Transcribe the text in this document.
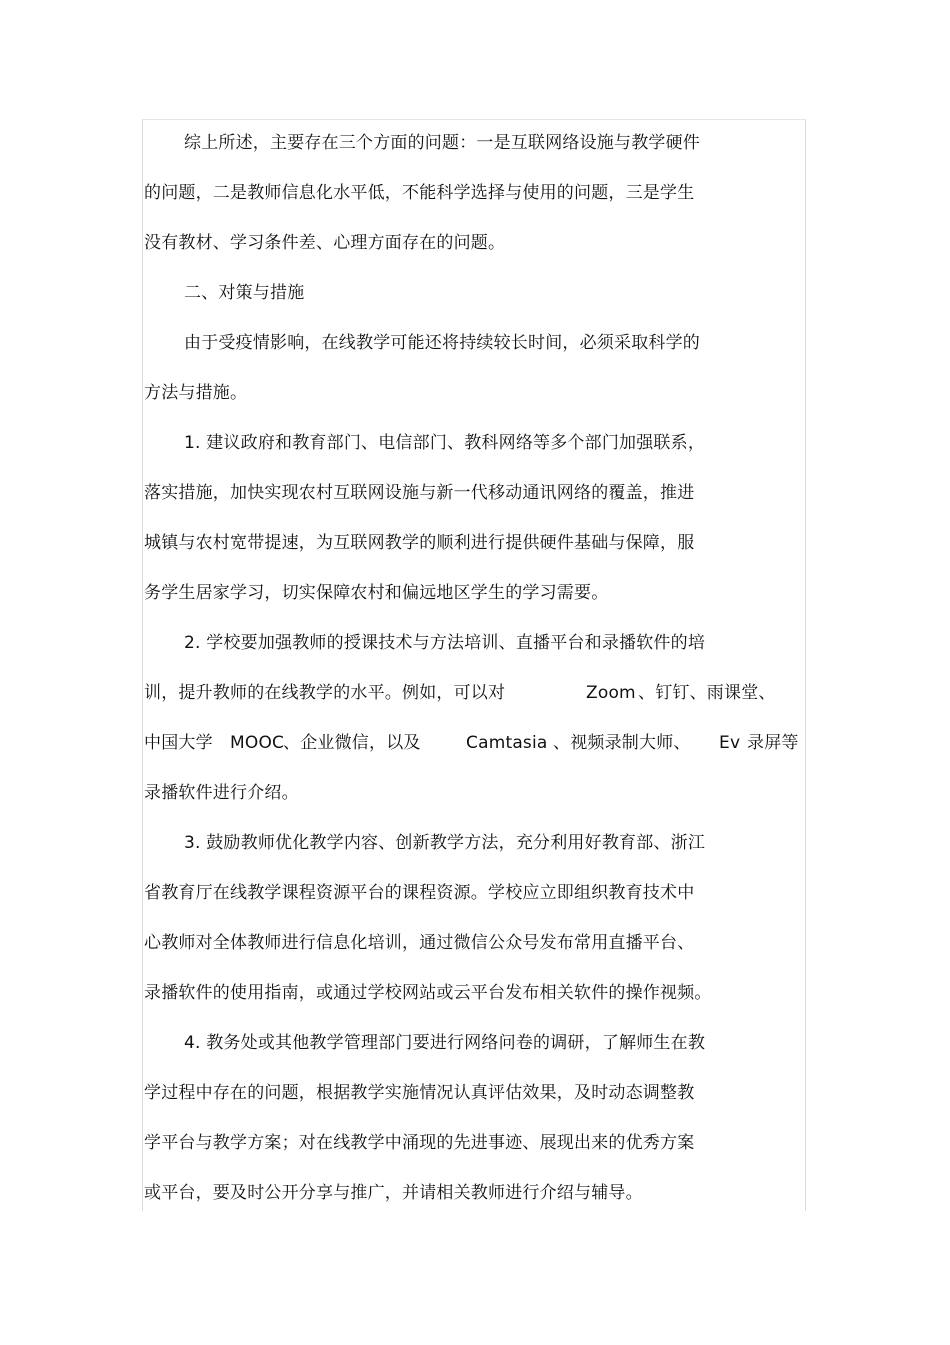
综上所述，主要存在三个方面的问题：一是互联网络设施与教学硬件
的问题，二是教师信息化水平低，不能科学选择与使用的问题，三是学生
没有教材、学习条件差、心理方面存在的问题。
二、对策与措施
由于受疫情影响，在线教学可能还将持续较长时间，必须采取科学的
方法与措施。
1. 建议政府和教育部门、电信部门、教科网络等多个部门加强联系，
落实措施，加快实现农村互联网设施与新一代移动通讯网络的覆盖，推进
城镇与农村宽带提速，为互联网教学的顺利进行提供硬件基础与保障，服
务学生居家学习，切实保障农村和偏远地区学生的学习需要。
2. 学校要加强教师的授课技术与方法培训、直播平台和录播软件的培
训，提升教师的在线教学的水平。例如，可以对	Zoom 、钉钉、雨课堂、
中国大学 MOOC
、企业微信，以及	Camtasia 、视频录制大师、 Ev 录屏等
录播软件进行介绍。
3. 鼓励教师优化教学内容、创新教学方法，充分利用好教育部、浙江
省教育厅在线教学课程资源平台的课程资源。学校应立即组织教育技术中
心教师对全体教师进行信息化培训，通过微信公众号发布常用直播平台、
录播软件的使用指南，或通过学校网站或云平台发布相关软件的操作视频。
4. 教务处或其他教学管理部门要进行网络问卷的调研，了解师生在教
学过程中存在的问题，根据教学实施情况认真评估效果，及时动态调整教
学平台与教学方案；对在线教学中涌现的先进事迹、展现出来的优秀方案
或平台，要及时公开分享与推广，并请相关教师进行介绍与辅导。
